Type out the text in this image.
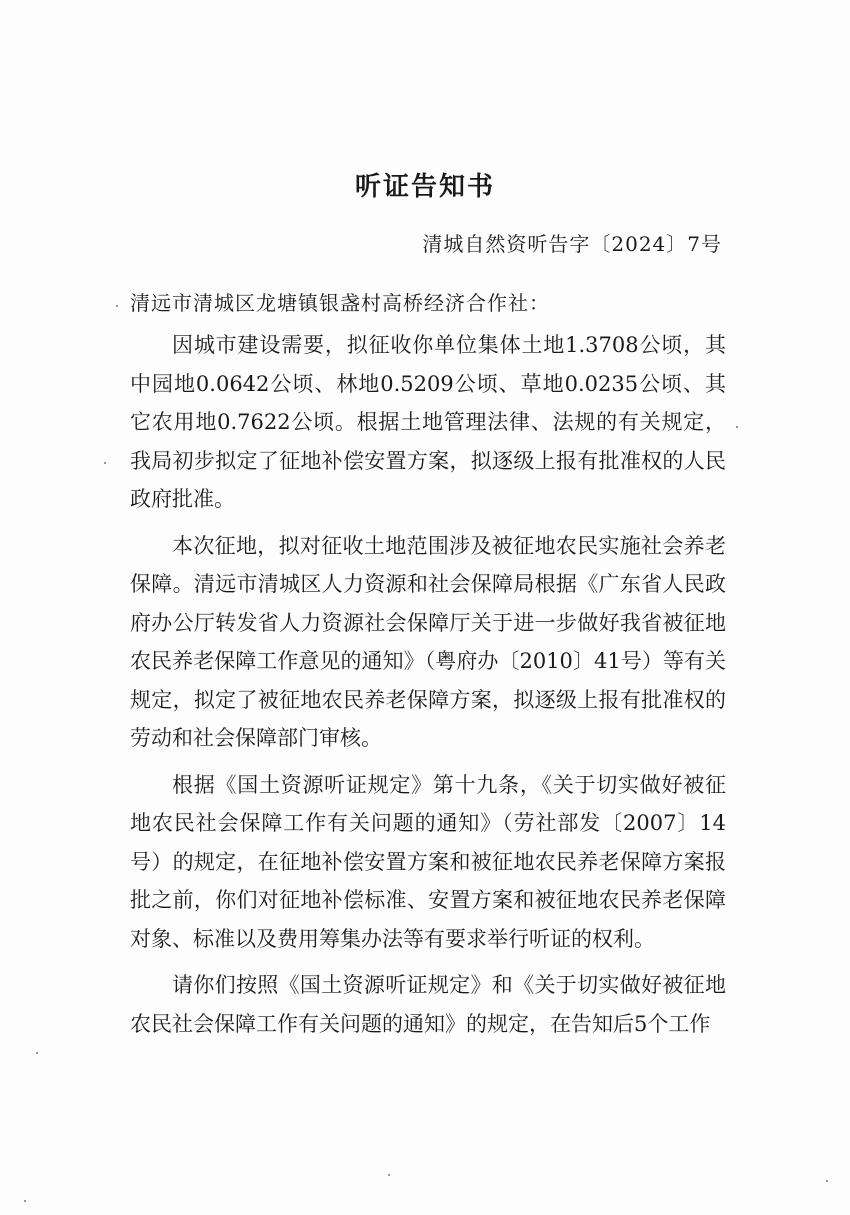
听证告知书
清城自然资听告字〔2024〕7号
清远市清城区龙塘镇银盏村高桥经济合作社：

因城市建设需要，拟征收你单位集体土地1.3708公顷，其中园地0.0642公顷、林地0.5209公顷、草地0.0235公顷、其它农用地0.7622公顷。根据土地管理法律、法规的有关规定，我局初步拟定了征地补偿安置方案，拟逐级上报有批准权的人民政府批准。

本次征地，拟对征收土地范围涉及被征地农民实施社会养老保障。清远市清城区人力资源和社会保障局根据《广东省人民政府办公厅转发省人力资源社会保障厅关于进一步做好我省被征地农民养老保障工作意见的通知》（粤府办〔2010〕41号）等有关规定，拟定了被征地农民养老保障方案，拟逐级上报有批准权的劳动和社会保障部门审核。

根据《国土资源听证规定》第十九条，《关于切实做好被征地农民社会保障工作有关问题的通知》（劳社部发〔2007〕14号）的规定，在征地补偿安置方案和被征地农民养老保障方案报批之前，你们对征地补偿标准、安置方案和被征地农民养老保障对象、标准以及费用筹集办法等有要求举行听证的权利。

请你们按照《国土资源听证规定》和《关于切实做好被征地农民社会保障工作有关问题的通知》的规定，在告知后5个工作
